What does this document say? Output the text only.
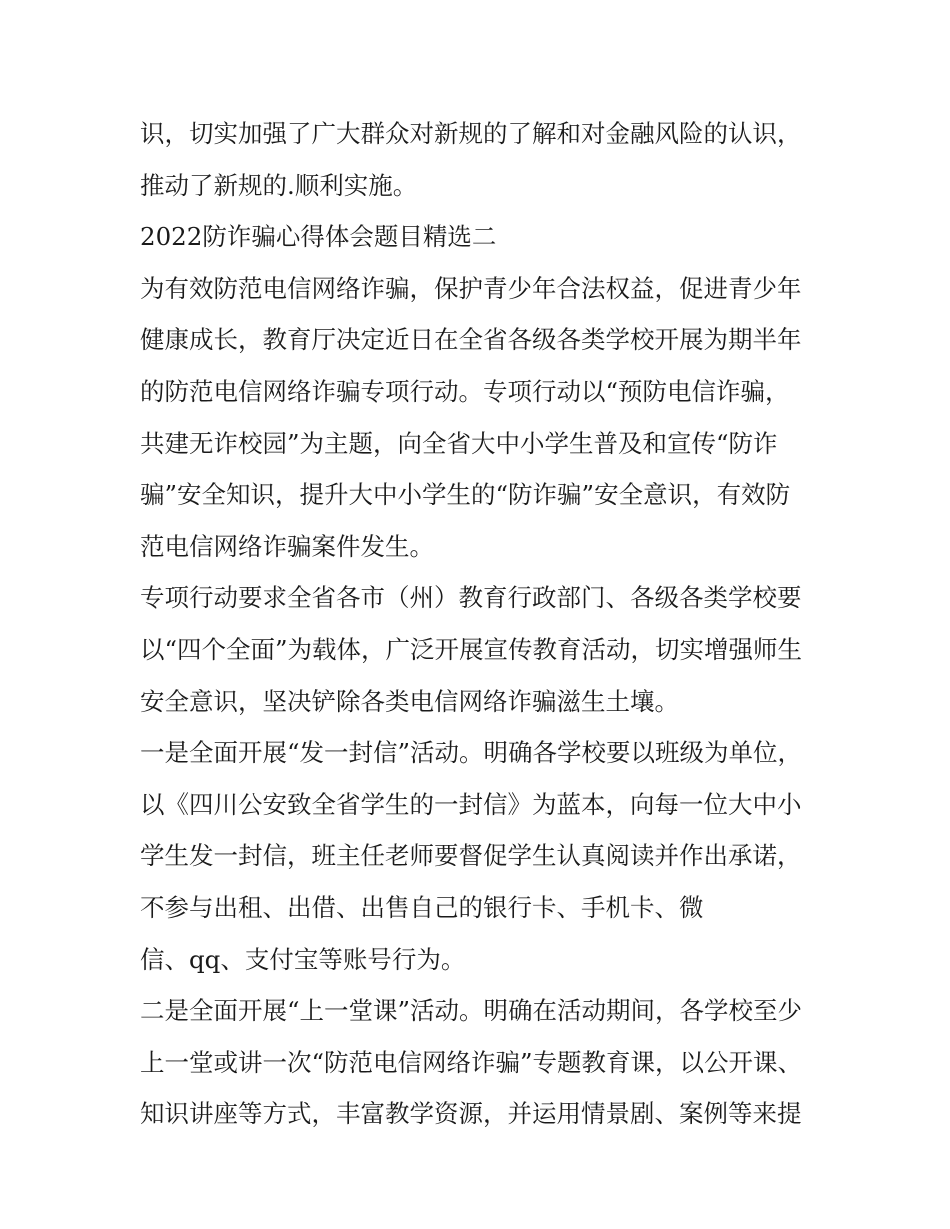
识，切实加强了广大群众对新规的了解和对金融风险的认识，
推动了新规的.顺利实施。
2022防诈骗心得体会题目精选二
为有效防范电信网络诈骗，保护青少年合法权益，促进青少年
健康成长，教育厅决定近日在全省各级各类学校开展为期半年
的防范电信网络诈骗专项行动。专项行动以“预防电信诈骗，
共建无诈校园”为主题，向全省大中小学生普及和宣传“防诈
骗”安全知识，提升大中小学生的“防诈骗”安全意识，有效防
范电信网络诈骗案件发生。
专项行动要求全省各市（州）教育行政部门、各级各类学校要
以“四个全面”为载体，广泛开展宣传教育活动，切实增强师生
安全意识，坚决铲除各类电信网络诈骗滋生土壤。
一是全面开展“发一封信”活动。明确各学校要以班级为单位，
以《四川公安致全省学生的一封信》为蓝本，向每一位大中小
学生发一封信，班主任老师要督促学生认真阅读并作出承诺，
不参与出租、出借、出售自己的银行卡、手机卡、微
信、qq、支付宝等账号行为。
二是全面开展“上一堂课”活动。明确在活动期间，各学校至少
上一堂或讲一次“防范电信网络诈骗”专题教育课，以公开课、
知识讲座等方式，丰富教学资源，并运用情景剧、案例等来提
